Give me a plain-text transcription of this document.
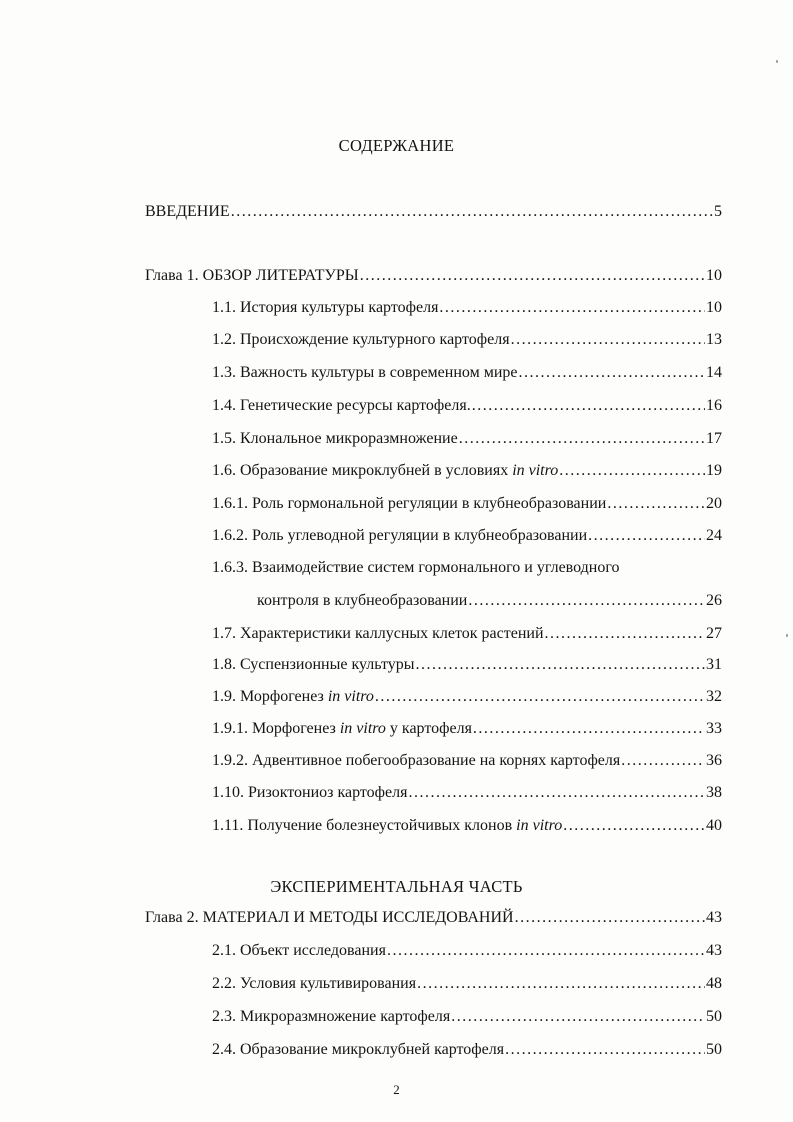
СОДЕРЖАНИЕ
ВВЕДЕНИЕ .....	5
Глава 1. ОБЗОР ЛИТЕРАТУРЫ .....	10
1.1. История культуры картофеля .....	10
1.2. Происхождение культурного картофеля .....	13
1.3. Важность культуры в современном мире .....	14
1.4. Генетические ресурсы картофеля. .....	16
1.5. Клональное микроразмножение .....	17
1.6. Образование микроклубней в условиях in vitro .....	19
1.6.1. Роль гормональной регуляции в клубнеобразовании .....	20
1.6.2. Роль углеводной регуляции в клубнеобразовании .....	24
1.6.3. Взаимодействие систем гормонального и углеводного
контроля в клубнеобразовании .....	26
1.7. Характеристики каллусных клеток растений .....	27
1.8. Суспензионные культуры .....	31
1.9. Морфогенез in vitro .....	32
1.9.1. Морфогенез in vitro у картофеля .....	33
1.9.2. Адвентивное побегообразование на корнях картофеля .....	36
1.10. Ризоктониоз картофеля .....	38
1.11. Получение болезнеустойчивых клонов in vitro .....	40
ЭКСПЕРИМЕНТАЛЬНАЯ ЧАСТЬ
Глава 2. МАТЕРИАЛ И МЕТОДЫ ИССЛЕДОВАНИЙ .....	43
2.1. Объект исследования .....	43
2.2. Условия культивирования .....	48
2.3. Микроразмножение картофеля .....	50
2.4. Образование микроклубней картофеля .....	50
2
